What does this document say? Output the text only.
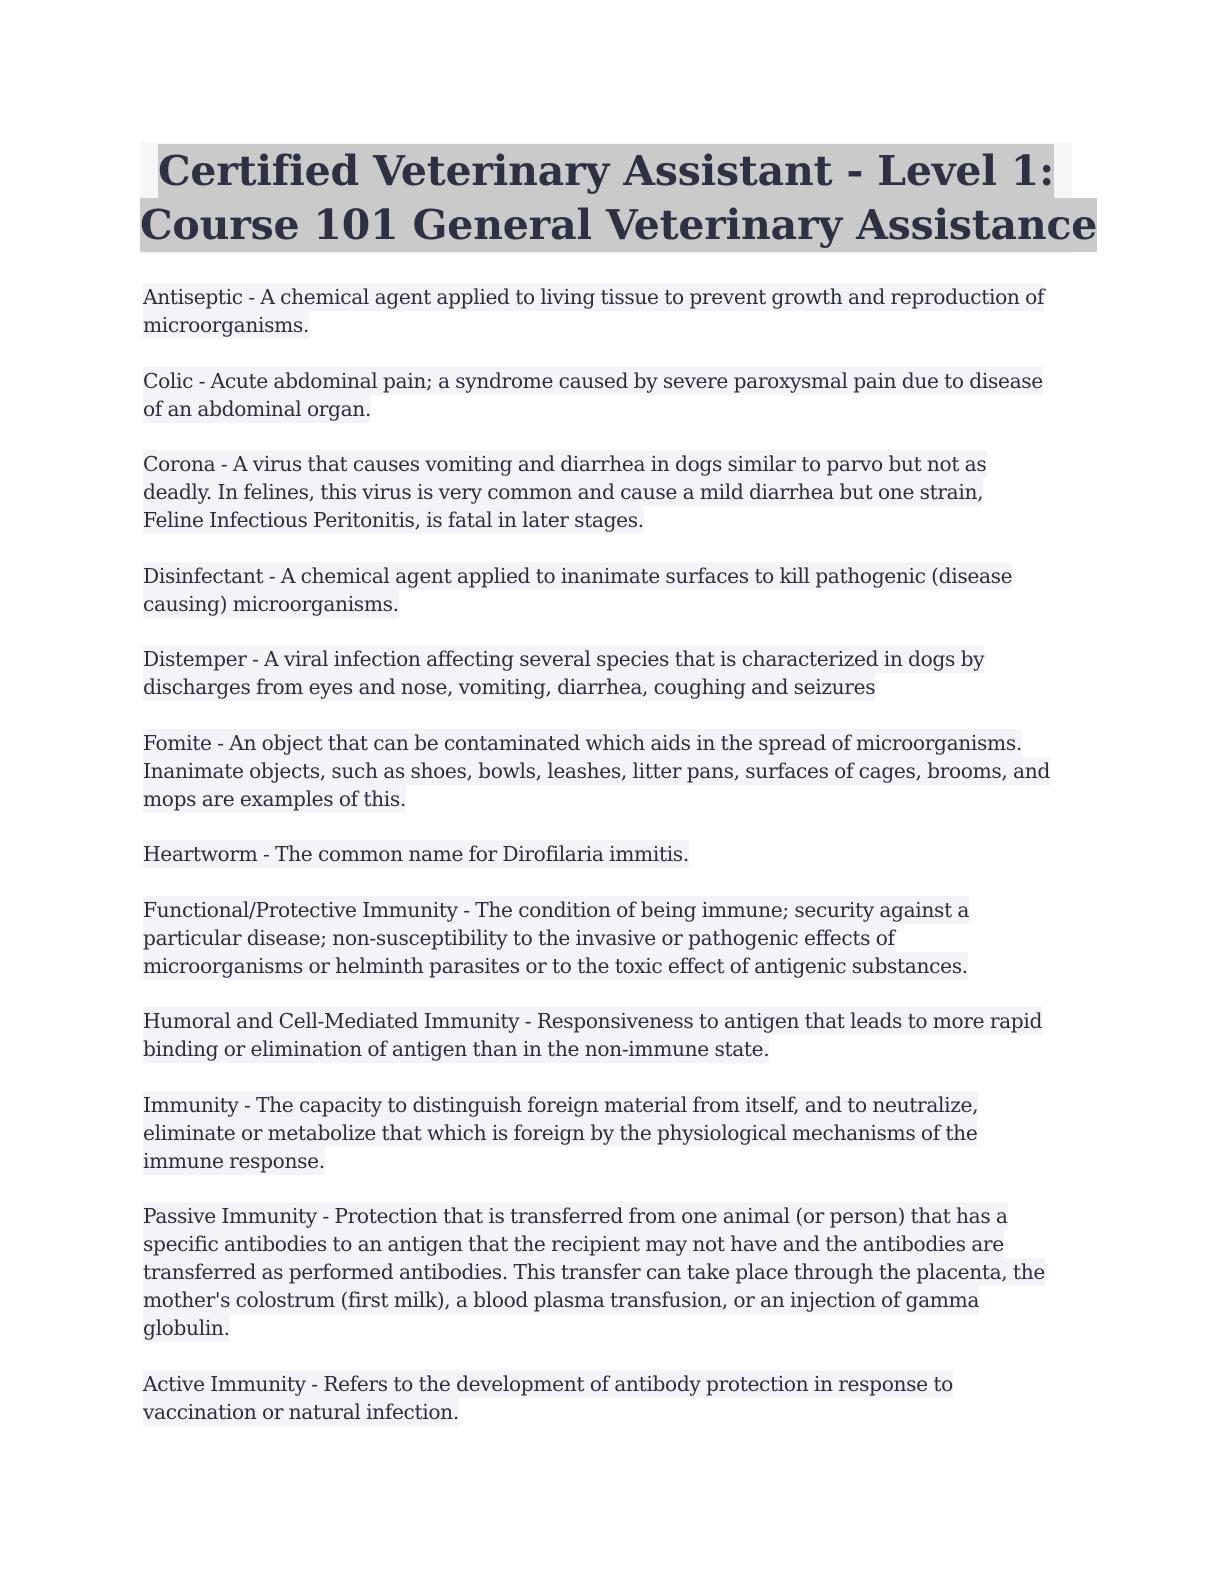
Certified Veterinary Assistant - Level 1:
Course 101 General Veterinary Assistance
Antiseptic - A chemical agent applied to living tissue to prevent growth and reproduction of
microorganisms.
Colic - Acute abdominal pain; a syndrome caused by severe paroxysmal pain due to disease
of an abdominal organ.
Corona - A virus that causes vomiting and diarrhea in dogs similar to parvo but not as
deadly. In felines, this virus is very common and cause a mild diarrhea but one strain,
Feline Infectious Peritonitis, is fatal in later stages.
Disinfectant - A chemical agent applied to inanimate surfaces to kill pathogenic (disease
causing) microorganisms.
Distemper - A viral infection affecting several species that is characterized in dogs by
discharges from eyes and nose, vomiting, diarrhea, coughing and seizures
Fomite - An object that can be contaminated which aids in the spread of microorganisms.
Inanimate objects, such as shoes, bowls, leashes, litter pans, surfaces of cages, brooms, and
mops are examples of this.
Heartworm - The common name for Dirofilaria immitis.
Functional/Protective Immunity - The condition of being immune; security against a
particular disease; non-susceptibility to the invasive or pathogenic effects of
microorganisms or helminth parasites or to the toxic effect of antigenic substances.
Humoral and Cell-Mediated Immunity - Responsiveness to antigen that leads to more rapid
binding or elimination of antigen than in the non-immune state.
Immunity - The capacity to distinguish foreign material from itself, and to neutralize,
eliminate or metabolize that which is foreign by the physiological mechanisms of the
immune response.
Passive Immunity - Protection that is transferred from one animal (or person) that has a
specific antibodies to an antigen that the recipient may not have and the antibodies are
transferred as performed antibodies. This transfer can take place through the placenta, the
mother's colostrum (first milk), a blood plasma transfusion, or an injection of gamma
globulin.
Active Immunity - Refers to the development of antibody protection in response to
vaccination or natural infection.
